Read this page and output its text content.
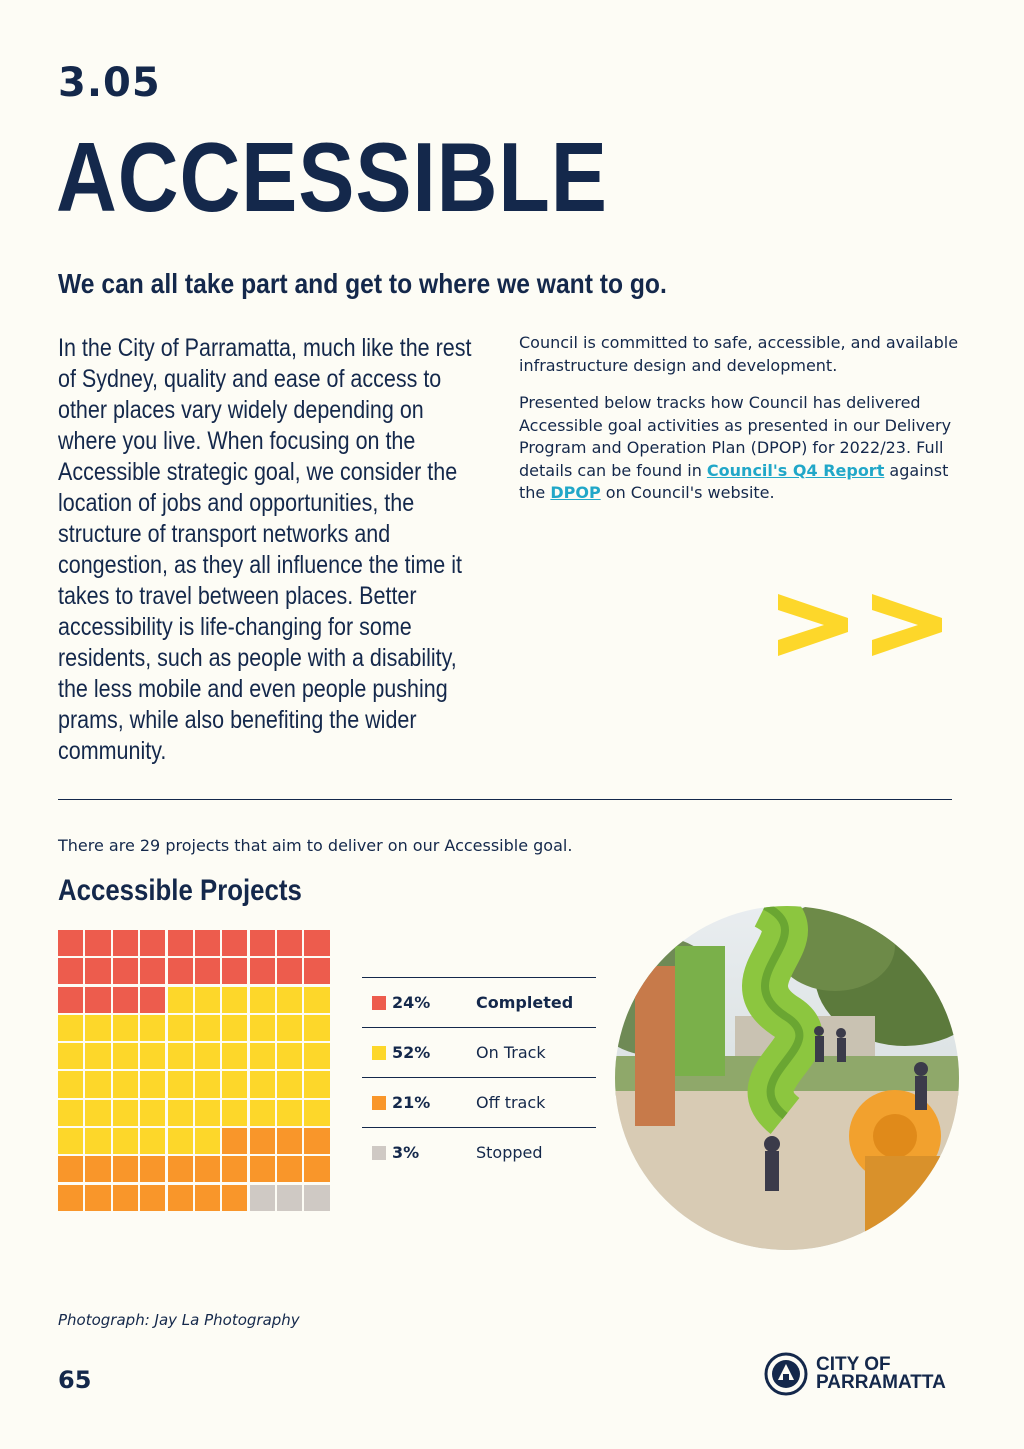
3.05
ACCESSIBLE
We can all take part and get to where we want to go.
In the City of Parramatta, much like the rest of Sydney, quality and ease of access to other places vary widely depending on where you live. When focusing on the Accessible strategic goal, we consider the location of jobs and opportunities, the structure of transport networks and congestion, as they all influence the time it takes to travel between places. Better accessibility is life-changing for some residents, such as people with a disability, the less mobile and even people pushing prams, while also benefiting the wider community.

Council is committed to safe, accessible, and available infrastructure design and development.

Presented below tracks how Council has delivered Accessible goal activities as presented in our Delivery Program and Operation Plan (DPOP) for 2022/23. Full details can be found in Council's Q4 Report against the DPOP on Council's website.

There are 29 projects that aim to deliver on our Accessible goal.
Accessible Projects
24%	Completed
52%	On Track
21%	Off track
3%	Stopped
Photograph: Jay La Photography
65
CITY OF
PARRAMATTA
